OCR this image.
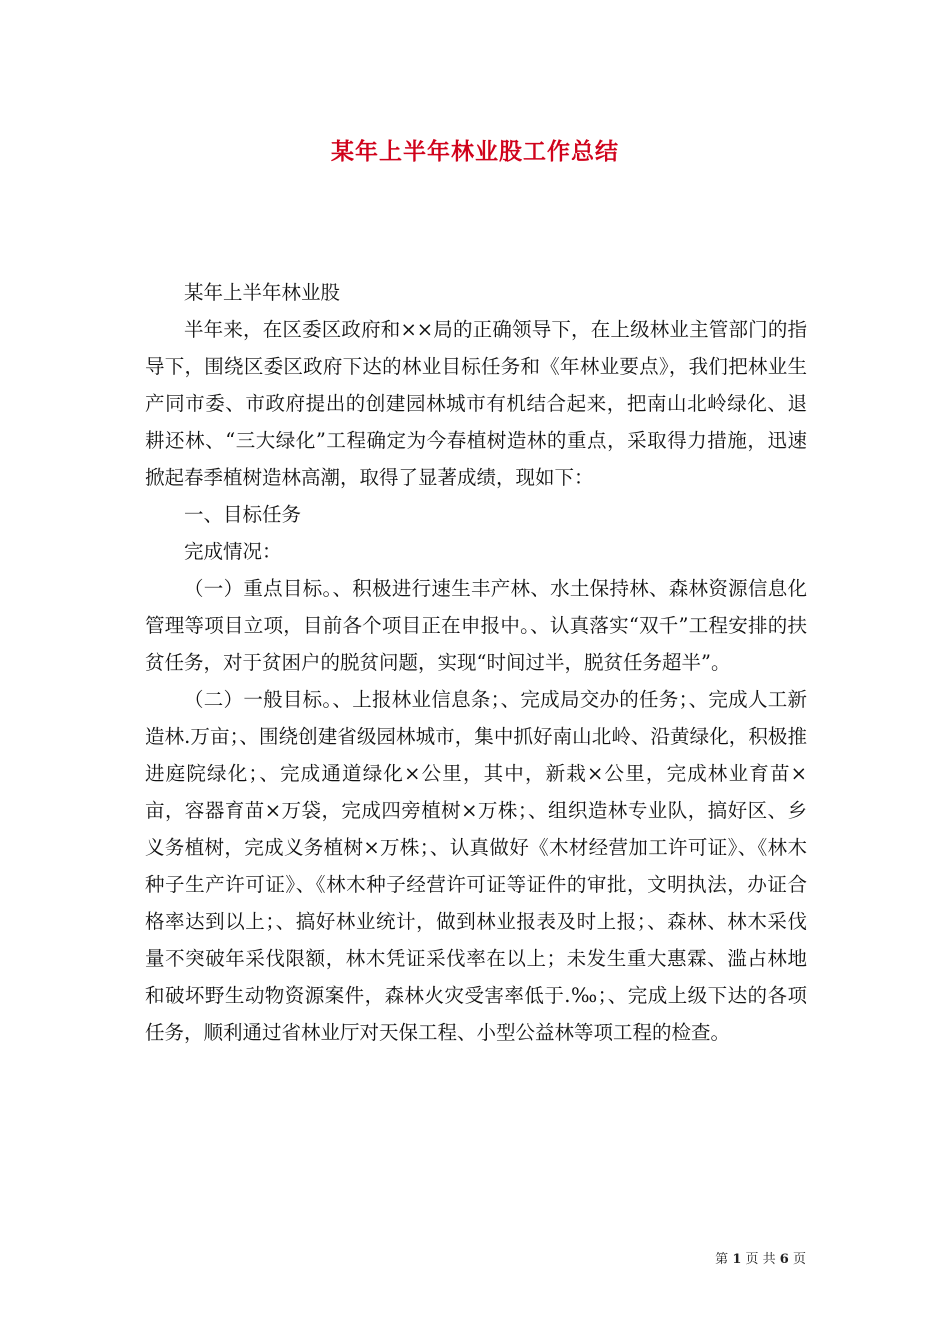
某年上半年林业股工作总结

某年上半年林业股

半年来，在区委区政府和××局的正确领导下，在上级林业主管部门的指导下，围绕区委区政府下达的林业目标任务和《年林业要点》，我们把林业生产同市委、市政府提出的创建园林城市有机结合起来，把南山北岭绿化、退耕还林、“三大绿化”工程确定为今春植树造林的重点，采取得力措施，迅速掀起春季植树造林高潮，取得了显著成绩，现如下：

一、目标任务

完成情况：

（一）重点目标。、积极进行速生丰产林、水土保持林、森林资源信息化管理等项目立项，目前各个项目正在申报中。、认真落实“双千”工程安排的扶贫任务，对于贫困户的脱贫问题，实现“时间过半，脱贫任务超半”。

（二）一般目标。、上报林业信息条；、完成局交办的任务；、完成人工新造林.万亩；、围绕创建省级园林城市，集中抓好南山北岭、沿黄绿化，积极推进庭院绿化；、完成通道绿化×公里，其中，新栽×公里，完成林业育苗×亩，容器育苗×万袋，完成四旁植树×万株；、组织造林专业队，搞好区、乡义务植树，完成义务植树×万株；、认真做好《木材经营加工许可证》、《林木种子生产许可证》、《林木种子经营许可证等证件的审批，文明执法，办证合格率达到以上；、搞好林业统计，做到林业报表及时上报；、森林、林木采伐量不突破年采伐限额，林木凭证采伐率在以上；未发生重大惠霖、滥占林地和破坏野生动物资源案件，森林火灾受害率低于.‰；、完成上级下达的各项任务，顺利通过省林业厅对天保工程、小型公益林等项工程的检查。

第 1 页 共 6 页
